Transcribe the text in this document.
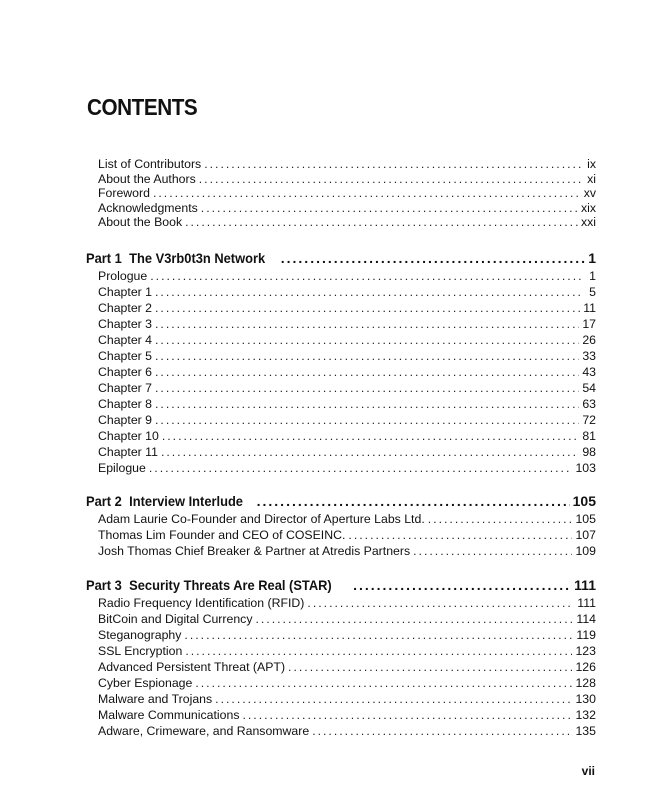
CONTENTS
List of Contributors .....	ix
About the Authors .....	xi
Foreword .....	xv
Acknowledgments .....	xix
About the Book .....	xxi
Part 1 The V3rb0t3n Network .....	1
Prologue .....	1
Chapter 1 .....	5
Chapter 2 .....	11
Chapter 3 .....	17
Chapter 4 .....	26
Chapter 5 .....	33
Chapter 6 .....	43
Chapter 7 .....	54
Chapter 8 .....	63
Chapter 9 .....	72
Chapter 10 .....	81
Chapter 11 .....	98
Epilogue .....	103
Part 2 Interview Interlude .....	105
Adam Laurie Co-Founder and Director of Aperture Labs Ltd. .....	105
Thomas Lim Founder and CEO of COSEINC. .....	107
Josh Thomas Chief Breaker & Partner at Atredis Partners .....	109
Part 3 Security Threats Are Real (STAR) .....	111
Radio Frequency Identification (RFID) .....	111
BitCoin and Digital Currency .....	114
Steganography .....	119
SSL Encryption .....	123
Advanced Persistent Threat (APT) .....	126
Cyber Espionage .....	128
Malware and Trojans .....	130
Malware Communications .....	132
Adware, Crimeware, and Ransomware .....	135
vii
